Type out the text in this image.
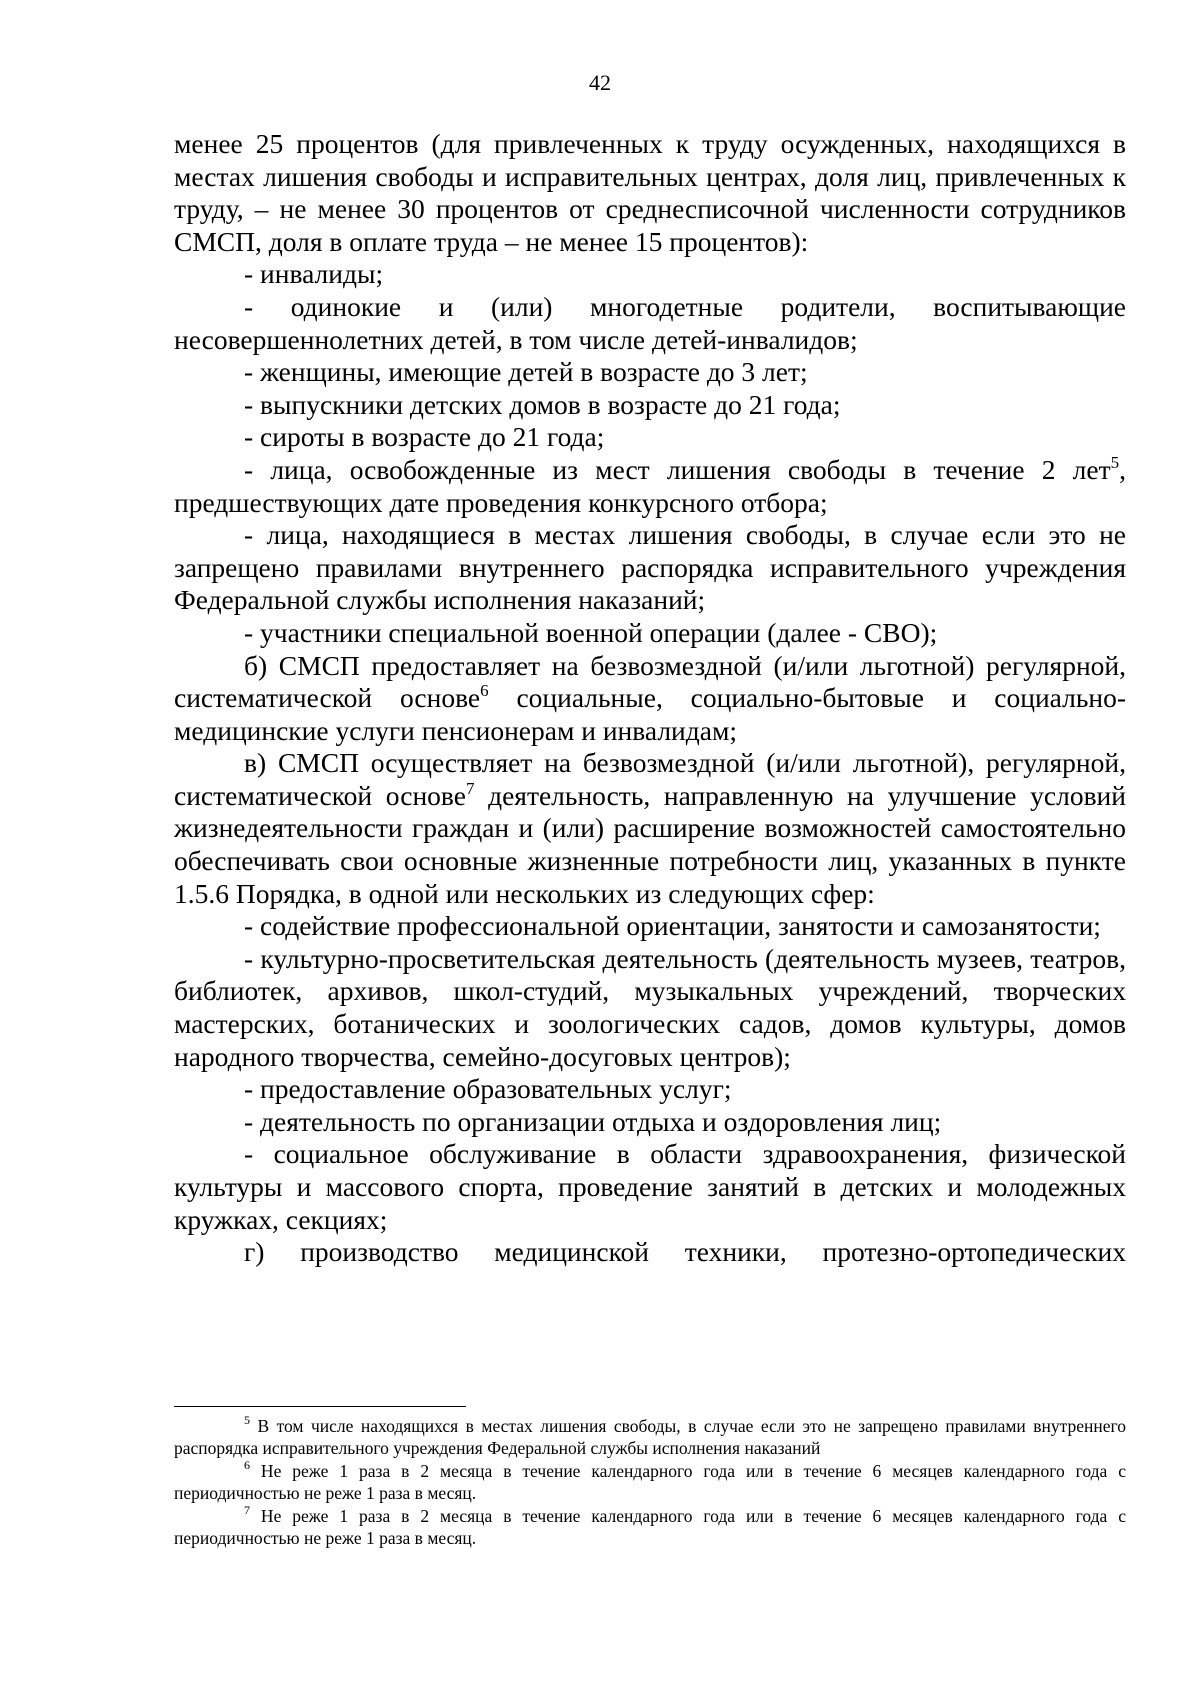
42

менее 25 процентов (для привлеченных к труду осужденных, находящихся в местах лишения свободы и исправительных центрах, доля лиц, привлеченных к труду, – не менее 30 процентов от среднесписочной численности сотрудников СМСП, доля в оплате труда – не менее 15 процентов):

- инвалиды;

- одинокие и (или) многодетные родители, воспитывающие несовершеннолетних детей, в том числе детей-инвалидов;

- женщины, имеющие детей в возрасте до 3 лет;

- выпускники детских домов в возрасте до 21 года;

- сироты в возрасте до 21 года;

- лица, освобожденные из мест лишения свободы в течение 2 лет$^5$, предшествующих дате проведения конкурсного отбора;

- лица, находящиеся в местах лишения свободы, в случае если это не запрещено правилами внутреннего распорядка исправительного учреждения Федеральной службы исполнения наказаний;

- участники специальной военной операции (далее - СВО);

б) СМСП предоставляет на безвозмездной (и/или льготной) регулярной, систематической основе$^6$ социальные, социально-бытовые и социально-медицинские услуги пенсионерам и инвалидам;

в) СМСП осуществляет на безвозмездной (и/или льготной), регулярной, систематической основе$^7$ деятельность, направленную на улучшение условий жизнедеятельности граждан и (или) расширение возможностей самостоятельно обеспечивать свои основные жизненные потребности лиц, указанных в пункте

1.5.6 Порядка, в одной или нескольких из следующих сфер:

- содействие профессиональной ориентации, занятости и самозанятости;

- культурно-просветительская деятельность (деятельность музеев, театров, библиотек, архивов, школ-студий, музыкальных учреждений, творческих мастерских, ботанических и зоологических садов, домов культуры, домов народного творчества, семейно-досуговых центров);

- предоставление образовательных услуг;

- деятельность по организации отдыха и оздоровления лиц;

- социальное обслуживание в области здравоохранения, физической культуры и массового спорта, проведение занятий в детских и молодежных кружках, секциях;

г) производство медицинской техники, протезно-ортопедических

$^5$ В том числе находящихся в местах лишения свободы, в случае если это не запрещено правилами внутреннего распорядка исправительного учреждения Федеральной службы исполнения наказаний

$^6$ Не реже 1 раза в 2 месяца в течение календарного года или в течение 6 месяцев календарного года с периодичностью не реже 1 раза в месяц.

$^7$ Не реже 1 раза в 2 месяца в течение календарного года или в течение 6 месяцев календарного года с периодичностью не реже 1 раза в месяц.
